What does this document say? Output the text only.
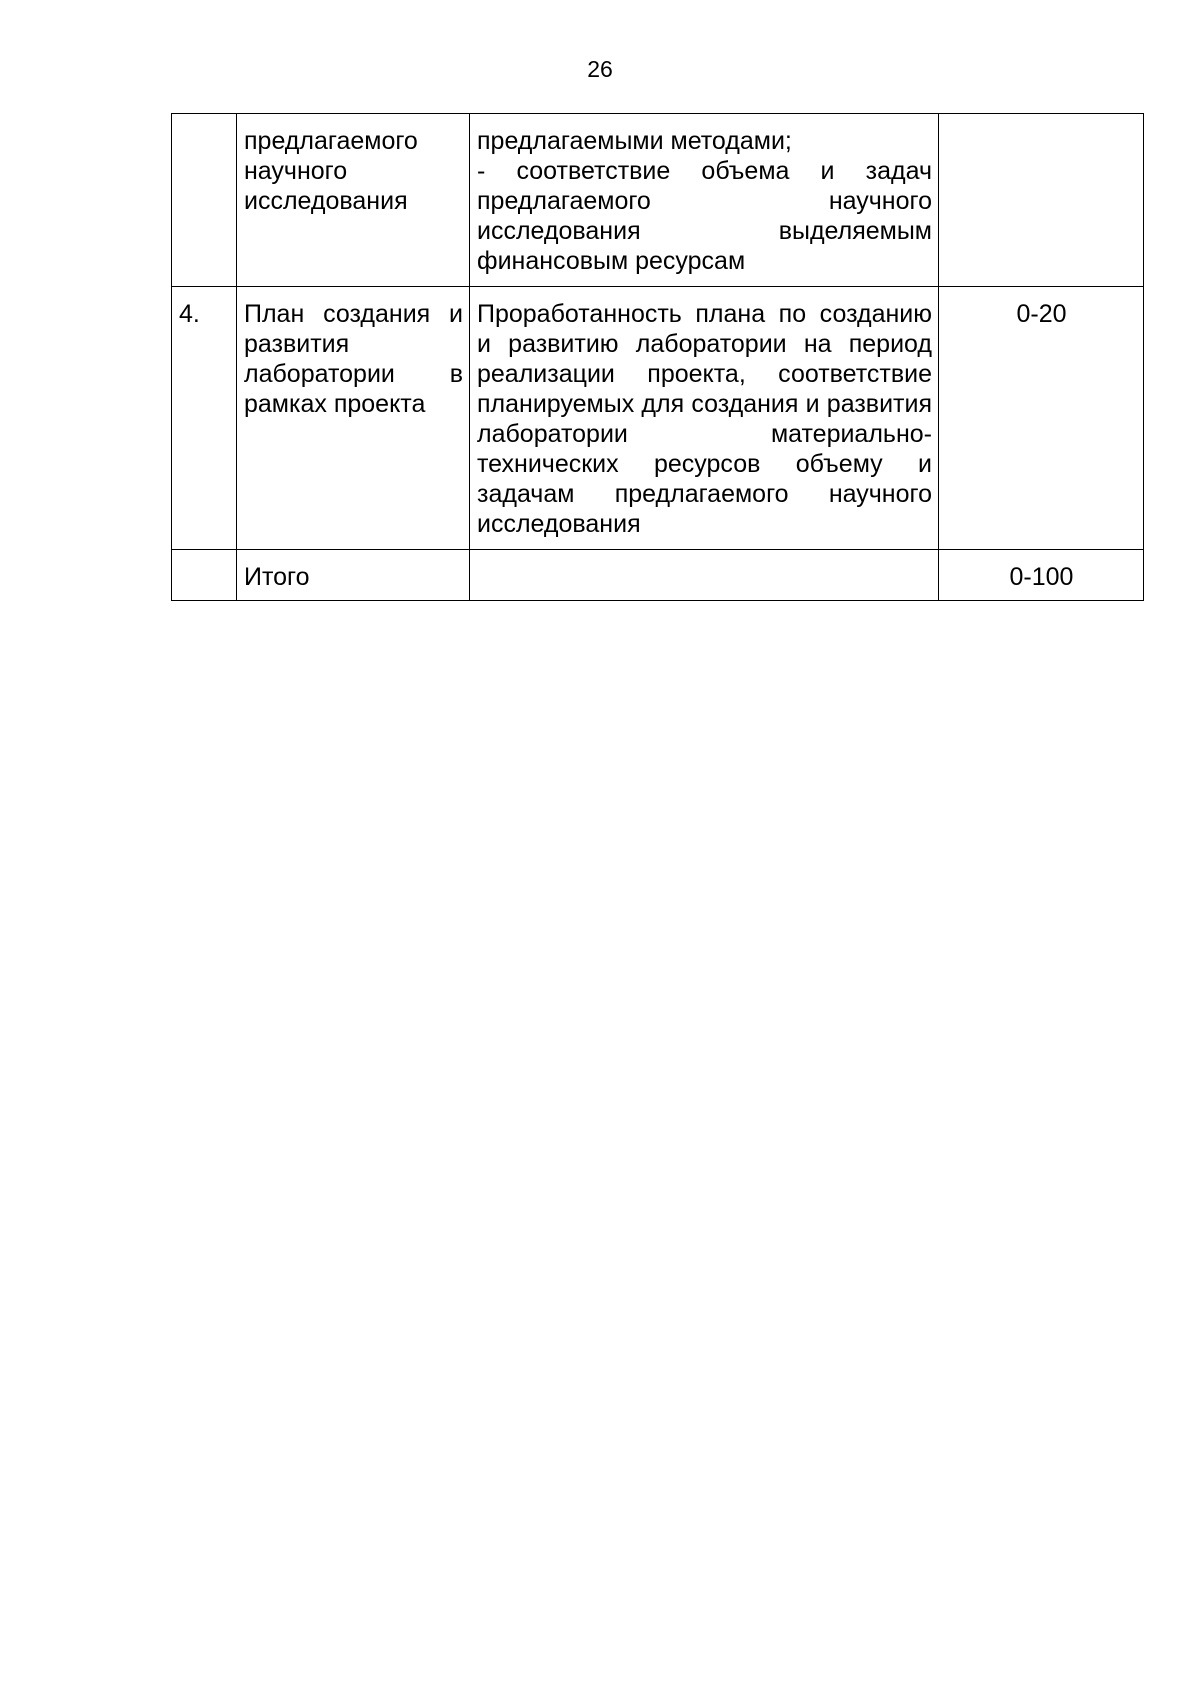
26
	предлагаемого научного исследования	предлагаемыми методами;
- соответствие объема и задач
предлагаемого научного
исследования выделяемым
финансовым ресурсам	

4.	План создания и развития лаборатории в рамках проекта	Проработанность плана по созданию и развитию лаборатории на период реализации проекта, соответствие планируемых для создания и развития лаборатории материально-технических ресурсов объему и задачам предлагаемого научного исследования	0-20
	Итого		0-100
